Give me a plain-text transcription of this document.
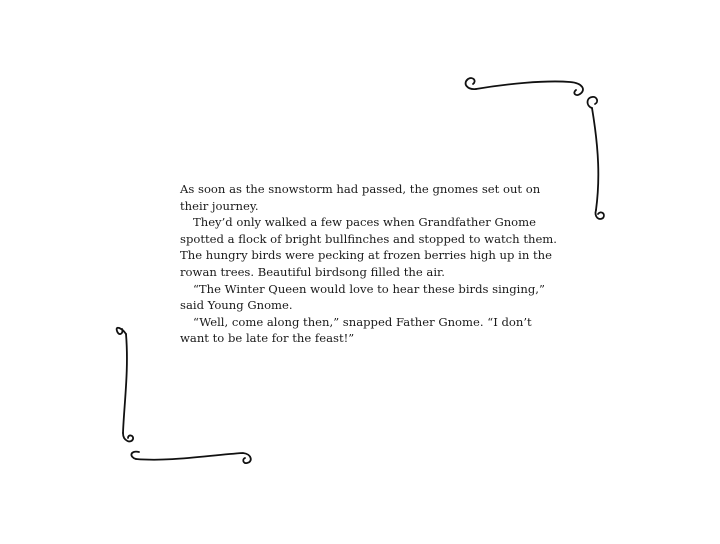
As soon as the snowstorm had passed, the gnomes set out on their journey.

They’d only walked a few paces when Grandfather Gnome spotted a flock of bright bullfinches and stopped to watch them. The hungry birds were pecking at frozen berries high up in the rowan trees. Beautiful birdsong filled the air.

“The Winter Queen would love to hear these birds singing,” said Young Gnome.

“Well, come along then,” snapped Father Gnome. “I don’t want to be late for the feast!”
